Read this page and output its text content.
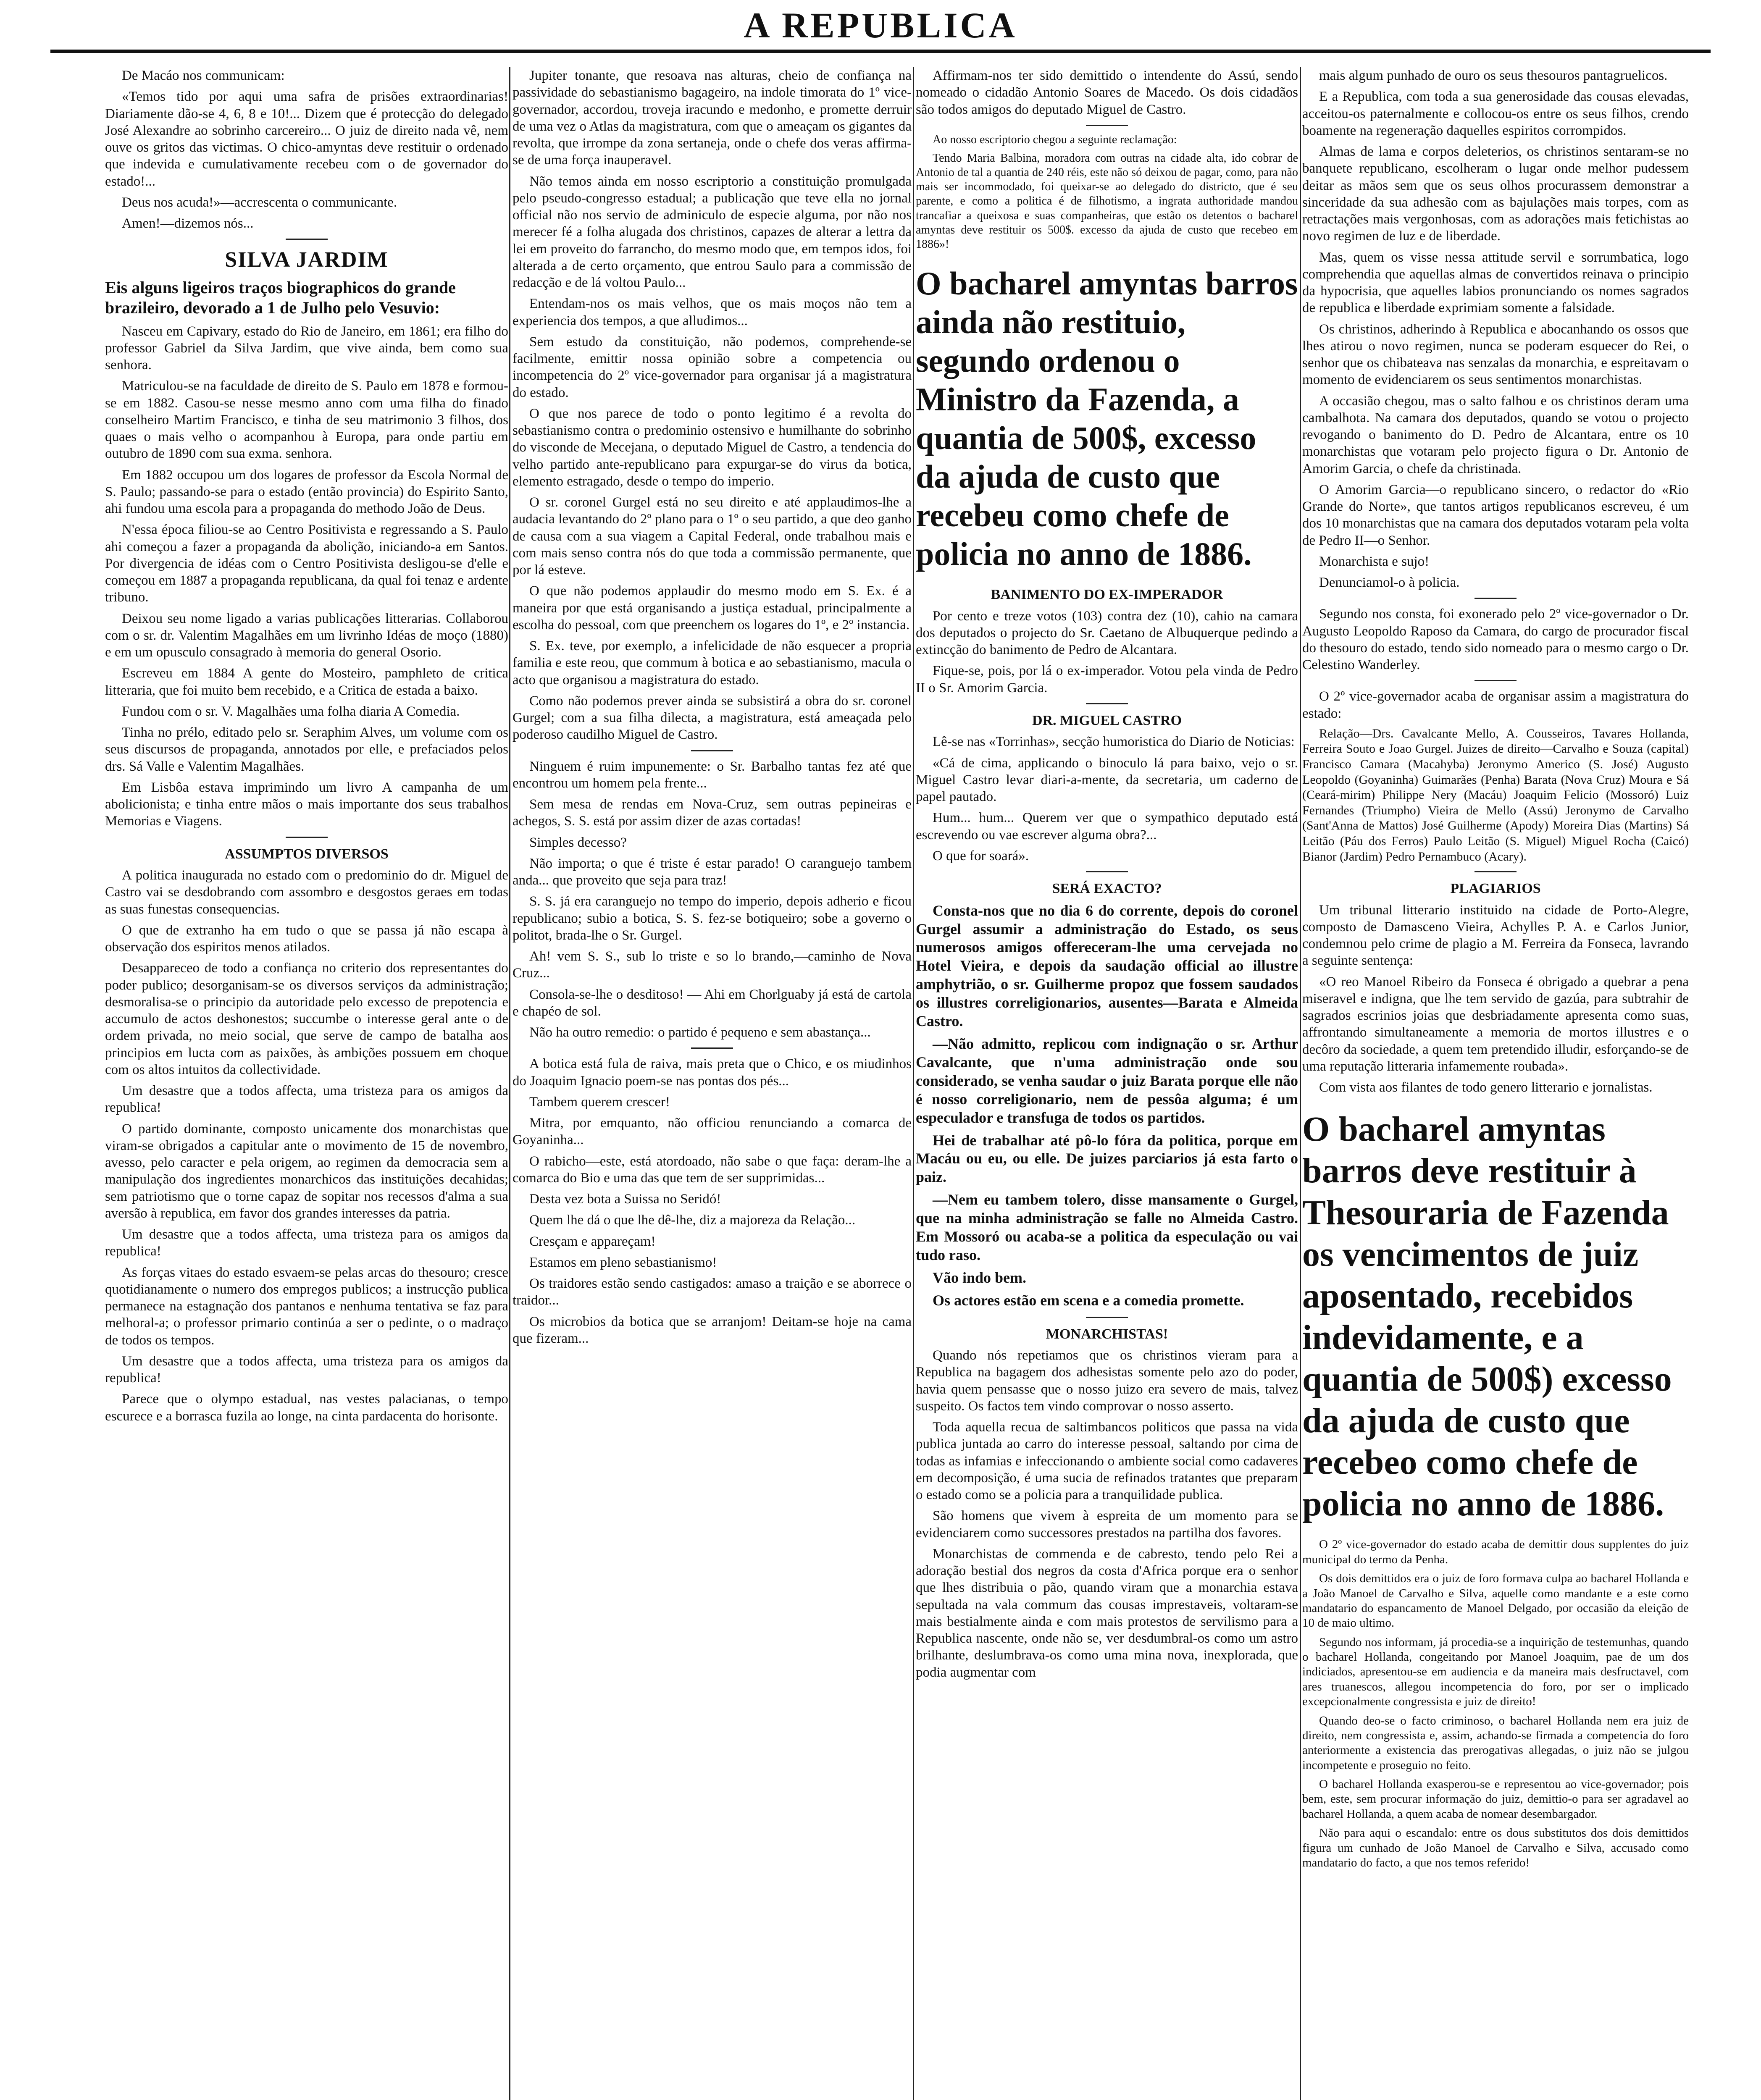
A REPUBLICA

De Macáo nos communicam:

«Temos tido por aqui uma safra de prisões extraordinarias! Diariamente dão-se 4, 6, 8 e 10!... Dizem que é protecção do delegado José Alexandre ao sobrinho carcereiro... O juiz de direito nada vê, nem ouve os gritos das victimas. O chico-amyntas deve restituir o ordenado que indevida e cumulativamente recebeu com o de governador do estado!...

Deus nos acuda!»—accrescenta o communicante.

Amen!—dizemos nós...

SILVA JARDIM
Eis alguns ligeiros traços biographicos do grande brazileiro, devorado a 1 de Julho pelo Vesuvio:

Nasceu em Capivary, estado do Rio de Janeiro, em 1861; era filho do professor Gabriel da Silva Jardim, que vive ainda, bem como sua senhora.

Matriculou-se na faculdade de direito de S. Paulo em 1878 e formou-se em 1882. Casou-se nesse mesmo anno com uma filha do finado conselheiro Martim Francisco, e tinha de seu matrimonio 3 filhos, dos quaes o mais velho o acompanhou à Europa, para onde partiu em outubro de 1890 com sua exma. senhora.

Em 1882 occupou um dos logares de professor da Escola Normal de S. Paulo; passando-se para o estado (então provincia) do Espirito Santo, ahi fundou uma escola para a propaganda do methodo João de Deus.

N'essa época filiou-se ao Centro Positivista e regressando a S. Paulo ahi começou a fazer a propaganda da abolição, iniciando-a em Santos. Por divergencia de idéas com o Centro Positivista desligou-se d'elle e começou em 1887 a propaganda republicana, da qual foi tenaz e ardente tribuno.

Deixou seu nome ligado a varias publicações litterarias. Collaborou com o sr. dr. Valentim Magalhães em um livrinho Idéas de moço (1880) e em um opusculo consagrado à memoria do general Osorio.

Escreveu em 1884 A gente do Mosteiro, pamphleto de critica litteraria, que foi muito bem recebido, e a Critica de estada a baixo.

Fundou com o sr. V. Magalhães uma folha diaria A Comedia.

Tinha no prélo, editado pelo sr. Seraphim Alves, um volume com os seus discursos de propaganda, annotados por elle, e prefaciados pelos drs. Sá Valle e Valentim Magalhães.

Em Lisbôa estava imprimindo um livro A campanha de um abolicionista; e tinha entre mãos o mais importante dos seus trabalhos Memorias e Viagens.

ASSUMPTOS DIVERSOS

A politica inaugurada no estado com o predominio do dr. Miguel de Castro vai se desdobrando com assombro e desgostos geraes em todas as suas funestas consequencias.

O que de extranho ha em tudo o que se passa já não escapa à observação dos espiritos menos atilados.

Desappareceo de todo a confiança no criterio dos representantes do poder publico; desorganisam-se os diversos serviços da administração; desmoralisa-se o principio da autoridade pelo excesso de prepotencia e accumulo de actos deshonestos; succumbe o interesse geral ante o de ordem privada, no meio social, que serve de campo de batalha aos principios em lucta com as paixões, às ambições possuem em choque com os altos intuitos da collectividade.

Um desastre que a todos affecta, uma tristeza para os amigos da republica!

O partido dominante, composto unicamente dos monarchistas que viram-se obrigados a capitular ante o movimento de 15 de novembro, avesso, pelo caracter e pela origem, ao regimen da democracia sem a manipulação dos ingredientes monarchicos das instituições decahidas; sem patriotismo que o torne capaz de sopitar nos recessos d'alma a sua aversão à republica, em favor dos grandes interesses da patria.

Um desastre que a todos affecta, uma tristeza para os amigos da republica!

As forças vitaes do estado esvaem-se pelas arcas do thesouro; cresce quotidianamente o numero dos empregos publicos; a instrucção publica permanece na estagnação dos pantanos e nenhuma tentativa se faz para melhoral-a; o professor primario continúa a ser o pedinte, o o madraço de todos os tempos.

Um desastre que a todos affecta, uma tristeza para os amigos da republica!

Parece que o olympo estadual, nas vestes palacianas, o tempo escurece e a borrasca fuzila ao longe, na cinta pardacenta do horisonte.

Jupiter tonante, que resoava nas alturas, cheio de confiança na passividade do sebastianismo bagageiro, na indole timorata do 1º vice-governador, accordou, troveja iracundo e medonho, e promette derruir de uma vez o Atlas da magistratura, com que o ameaçam os gigantes da revolta, que irrompe da zona sertaneja, onde o chefe dos veras affirma-se de uma força inauperavel.

Não temos ainda em nosso escriptorio a constituição promulgada pelo pseudo-congresso estadual; a publicação que teve ella no jornal official não nos servio de adminiculo de especie alguma, por não nos merecer fé a folha alugada dos christinos, capazes de alterar a lettra da lei em proveito do farrancho, do mesmo modo que, em tempos idos, foi alterada a de certo orçamento, que entrou Saulo para a commissão de redacção e de lá voltou Paulo...

Entendam-nos os mais velhos, que os mais moços não tem a experiencia dos tempos, a que alludimos...

Sem estudo da constituição, não podemos, comprehende-se facilmente, emittir nossa opinião sobre a competencia ou incompetencia do 2º vice-governador para organisar já a magistratura do estado.

O que nos parece de todo o ponto legitimo é a revolta do sebastianismo contra o predominio ostensivo e humilhante do sobrinho do visconde de Mecejana, o deputado Miguel de Castro, a tendencia do velho partido ante-republicano para expurgar-se do virus da botica, elemento estragado, desde o tempo do imperio.

O sr. coronel Gurgel está no seu direito e até applaudimos-lhe a audacia levantando do 2º plano para o 1º o seu partido, a que deo ganho de causa com a sua viagem a Capital Federal, onde trabalhou mais e com mais senso contra nós do que toda a commissão permanente, que por lá esteve.

O que não podemos applaudir do mesmo modo em S. Ex. é a maneira por que está organisando a justiça estadual, principalmente a escolha do pessoal, com que preenchem os logares do 1º, e 2º instancia.

S. Ex. teve, por exemplo, a infelicidade de não esquecer a propria familia e este reou, que commum à botica e ao sebastianismo, macula o acto que organisou a magistratura do estado.

Como não podemos prever ainda se subsistirá a obra do sr. coronel Gurgel; com a sua filha dilecta, a magistratura, está ameaçada pelo poderoso caudilho Miguel de Castro.

Ninguem é ruim impunemente: o Sr. Barbalho tantas fez até que encontrou um homem pela frente...

Sem mesa de rendas em Nova-Cruz, sem outras pepineiras e achegos, S. S. está por assim dizer de azas cortadas!

Simples decesso?

Não importa; o que é triste é estar parado! O caranguejo tambem anda... que proveito que seja para traz!

S. S. já era caranguejo no tempo do imperio, depois adherio e ficou republicano; subio a botica, S. S. fez-se botiqueiro; sobe a governo o politot, brada-lhe o Sr. Gurgel.

Ah! vem S. S., sub lo triste e so lo brando,—caminho de Nova Cruz...

Consola-se-lhe o desditoso! — Ahi em Chorlguaby já está de cartola e chapéo de sol.

Não ha outro remedio: o partido é pequeno e sem abastança...

A botica está fula de raiva, mais preta que o Chico, e os miudinhos do Joaquim Ignacio poem-se nas pontas dos pés...

Tambem querem crescer!

Mitra, por emquanto, não officiou renunciando a comarca de Goyaninha...

O rabicho—este, está atordoado, não sabe o que faça: deram-lhe a comarca do Bio e uma das que tem de ser supprimidas...

Desta vez bota a Suissa no Seridó!

Quem lhe dá o que lhe dê-lhe, diz a majoreza da Relação...

Cresçam e appareçam!

Estamos em pleno sebastianismo!

Os traidores estão sendo castigados: amaso a traição e se aborrece o traidor...

Os microbios da botica que se arranjom! Deitam-se hoje na cama que fizeram...

Affirmam-nos ter sido demittido o intendente do Assú, sendo nomeado o cidadão Antonio Soares de Macedo. Os dois cidadãos são todos amigos do deputado Miguel de Castro.

Ao nosso escriptorio chegou a seguinte reclamação:

Tendo Maria Balbina, moradora com outras na cidade alta, ido cobrar de Antonio de tal a quantia de 240 réis, este não só deixou de pagar, como, para não mais ser incommodado, foi queixar-se ao delegado do districto, que é seu parente, e como a politica é de filhotismo, a ingrata authoridade mandou trancafiar a queixosa e suas companheiras, que estão os detentos o bacharel amyntas deve restituir os 500$. excesso da ajuda de custo que recebeo em 1886»!

O bacharel amyntas barros ainda não restituio, segundo ordenou o Ministro da Fazenda, a quantia de 500$, excesso da ajuda de custo que recebeu como chefe de policia no anno de 1886.
BANIMENTO DO EX-IMPERADOR

Por cento e treze votos (103) contra dez (10), cahio na camara dos deputados o projecto do Sr. Caetano de Albuquerque pedindo a extincção do banimento de Pedro de Alcantara.

Fique-se, pois, por lá o ex-imperador. Votou pela vinda de Pedro II o Sr. Amorim Garcia.

DR. MIGUEL CASTRO

Lê-se nas «Torrinhas», secção humoristica do Diario de Noticias:

«Cá de cima, applicando o binoculo lá para baixo, vejo o sr. Miguel Castro levar diari-a-mente, da secretaria, um caderno de papel pautado.

Hum... hum... Querem ver que o sympathico deputado está escrevendo ou vae escrever alguma obra?...

O que for soará».

SERÁ EXACTO?

Consta-nos que no dia 6 do corrente, depois do coronel Gurgel assumir a administração do Estado, os seus numerosos amigos offereceram-lhe uma cervejada no Hotel Vieira, e depois da saudação official ao illustre amphytrião, o sr. Guilherme propoz que fossem saudados os illustres correligionarios, ausentes—Barata e Almeida Castro.

—Não admitto, replicou com indignação o sr. Arthur Cavalcante, que n'uma administração onde sou considerado, se venha saudar o juiz Barata porque elle não é nosso correligionario, nem de pessôa alguma; é um especulador e transfuga de todos os partidos.

Hei de trabalhar até pô-lo fóra da politica, porque em Macáu ou eu, ou elle. De juizes parciarios já esta farto o paiz.

—Nem eu tambem tolero, disse mansamente o Gurgel, que na minha administração se falle no Almeida Castro. Em Mossoró ou acaba-se a politica da especulação ou vai tudo raso.

Vão indo bem.

Os actores estão em scena e a comedia promette.

MONARCHISTAS!

Quando nós repetiamos que os christinos vieram para a Republica na bagagem dos adhesistas somente pelo azo do poder, havia quem pensasse que o nosso juizo era severo de mais, talvez suspeito. Os factos tem vindo comprovar o nosso asserto.

Toda aquella recua de saltimbancos politicos que passa na vida publica juntada ao carro do interesse pessoal, saltando por cima de todas as infamias e infeccionando o ambiente social como cadaveres em decomposição, é uma sucia de refinados tratantes que preparam o estado como se a policia para a tranquilidade publica.

São homens que vivem à espreita de um momento para se evidenciarem como successores prestados na partilha dos favores.

Monarchistas de commenda e de cabresto, tendo pelo Rei a adoração bestial dos negros da costa d'Africa porque era o senhor que lhes distribuia o pão, quando viram que a monarchia estava sepultada na vala commum das cousas imprestaveis, voltaram-se mais bestialmente ainda e com mais protestos de servilismo para a Republica nascente, onde não se, ver desdumbral-os como um astro brilhante, deslumbrava-os como uma mina nova, inexplorada, que podia augmentar com

mais algum punhado de ouro os seus thesouros pantagruelicos.

E a Republica, com toda a sua generosidade das cousas elevadas, acceitou-os paternalmente e collocou-os entre os seus filhos, crendo boamente na regeneração daquelles espiritos corrompidos.

Almas de lama e corpos deleterios, os christinos sentaram-se no banquete republicano, escolheram o lugar onde melhor pudessem deitar as mãos sem que os seus olhos procurassem demonstrar a sinceridade da sua adhesão com as bajulações mais torpes, com as retractações mais vergonhosas, com as adorações mais fetichistas ao novo regimen de luz e de liberdade.

Mas, quem os visse nessa attitude servil e sorrumbatica, logo comprehendia que aquellas almas de convertidos reinava o principio da hypocrisia, que aquelles labios pronunciando os nomes sagrados de republica e liberdade exprimiam somente a falsidade.

Os christinos, adherindo à Republica e abocanhando os ossos que lhes atirou o novo regimen, nunca se poderam esquecer do Rei, o senhor que os chibateava nas senzalas da monarchia, e espreitavam o momento de evidenciarem os seus sentimentos monarchistas.

A occasião chegou, mas o salto falhou e os christinos deram uma cambalhota. Na camara dos deputados, quando se votou o projecto revogando o banimento do D. Pedro de Alcantara, entre os 10 monarchistas que votaram pelo projecto figura o Dr. Antonio de Amorim Garcia, o chefe da christinada.

O Amorim Garcia—o republicano sincero, o redactor do «Rio Grande do Norte», que tantos artigos republicanos escreveu, é um dos 10 monarchistas que na camara dos deputados votaram pela volta de Pedro II—o Senhor.

Monarchista e sujo!

Denunciamol-o à policia.

Segundo nos consta, foi exonerado pelo 2º vice-governador o Dr. Augusto Leopoldo Raposo da Camara, do cargo de procurador fiscal do thesouro do estado, tendo sido nomeado para o mesmo cargo o Dr. Celestino Wanderley.

O 2º vice-governador acaba de organisar assim a magistratura do estado:

Relação—Drs. Cavalcante Mello, A. Cousseiros, Tavares Hollanda, Ferreira Souto e Joao Gurgel. Juizes de direito—Carvalho e Souza (capital) Francisco Camara (Macahyba) Jeronymo Americo (S. José) Augusto Leopoldo (Goyaninha) Guimarães (Penha) Barata (Nova Cruz) Moura e Sá (Ceará-mirim) Philippe Nery (Macáu) Joaquim Felicio (Mossoró) Luiz Fernandes (Triumpho) Vieira de Mello (Assú) Jeronymo de Carvalho (Sant'Anna de Mattos) José Guilherme (Apody) Moreira Dias (Martins) Sá Leitão (Páu dos Ferros) Paulo Leitão (S. Miguel) Miguel Rocha (Caicó) Bianor (Jardim) Pedro Pernambuco (Acary).

PLAGIARIOS

Um tribunal litterario instituido na cidade de Porto-Alegre, composto de Damasceno Vieira, Achylles P. A. e Carlos Junior, condemnou pelo crime de plagio a M. Ferreira da Fonseca, lavrando a seguinte sentença:

«O reo Manoel Ribeiro da Fonseca é obrigado a quebrar a pena miseravel e indigna, que lhe tem servido de gazúa, para subtrahir de sagrados escrinios joias que desbriadamente apresenta como suas, affrontando simultaneamente a memoria de mortos illustres e o decôro da sociedade, a quem tem pretendido illudir, esforçando-se de uma reputação litteraria infamemente roubada».

Com vista aos filantes de todo genero litterario e jornalistas.

O bacharel amyntas barros deve restituir à Thesouraria de Fazenda os vencimentos de juiz aposentado, recebidos indevidamente, e a quantia de 500$) excesso da ajuda de custo que recebeo como chefe de policia no anno de 1886.

O 2º vice-governador do estado acaba de demittir dous supplentes do juiz municipal do termo da Penha.

Os dois demittidos era o juiz de foro formava culpa ao bacharel Hollanda e a João Manoel de Carvalho e Silva, aquelle como mandante e a este como mandatario do espancamento de Manoel Delgado, por occasião da eleição de 10 de maio ultimo.

Segundo nos informam, já procedia-se a inquirição de testemunhas, quando o bacharel Hollanda, congeitando por Manoel Joaquim, pae de um dos indiciados, apresentou-se em audiencia e da maneira mais desfructavel, com ares truanescos, allegou incompetencia do foro, por ser o implicado excepcionalmente congressista e juiz de direito!

Quando deo-se o facto criminoso, o bacharel Hollanda nem era juiz de direito, nem congressista e, assim, achando-se firmada a competencia do foro anteriormente a existencia das prerogativas allegadas, o juiz não se julgou incompetente e proseguio no feito.

O bacharel Hollanda exasperou-se e representou ao vice-governador; pois bem, este, sem procurar informação do juiz, demittio-o para ser agradavel ao bacharel Hollanda, a quem acaba de nomear desembargador.

Não para aqui o escandalo: entre os dous substitutos dos dois demittidos figura um cunhado de João Manoel de Carvalho e Silva, accusado como mandatario do facto, a que nos temos referido!
